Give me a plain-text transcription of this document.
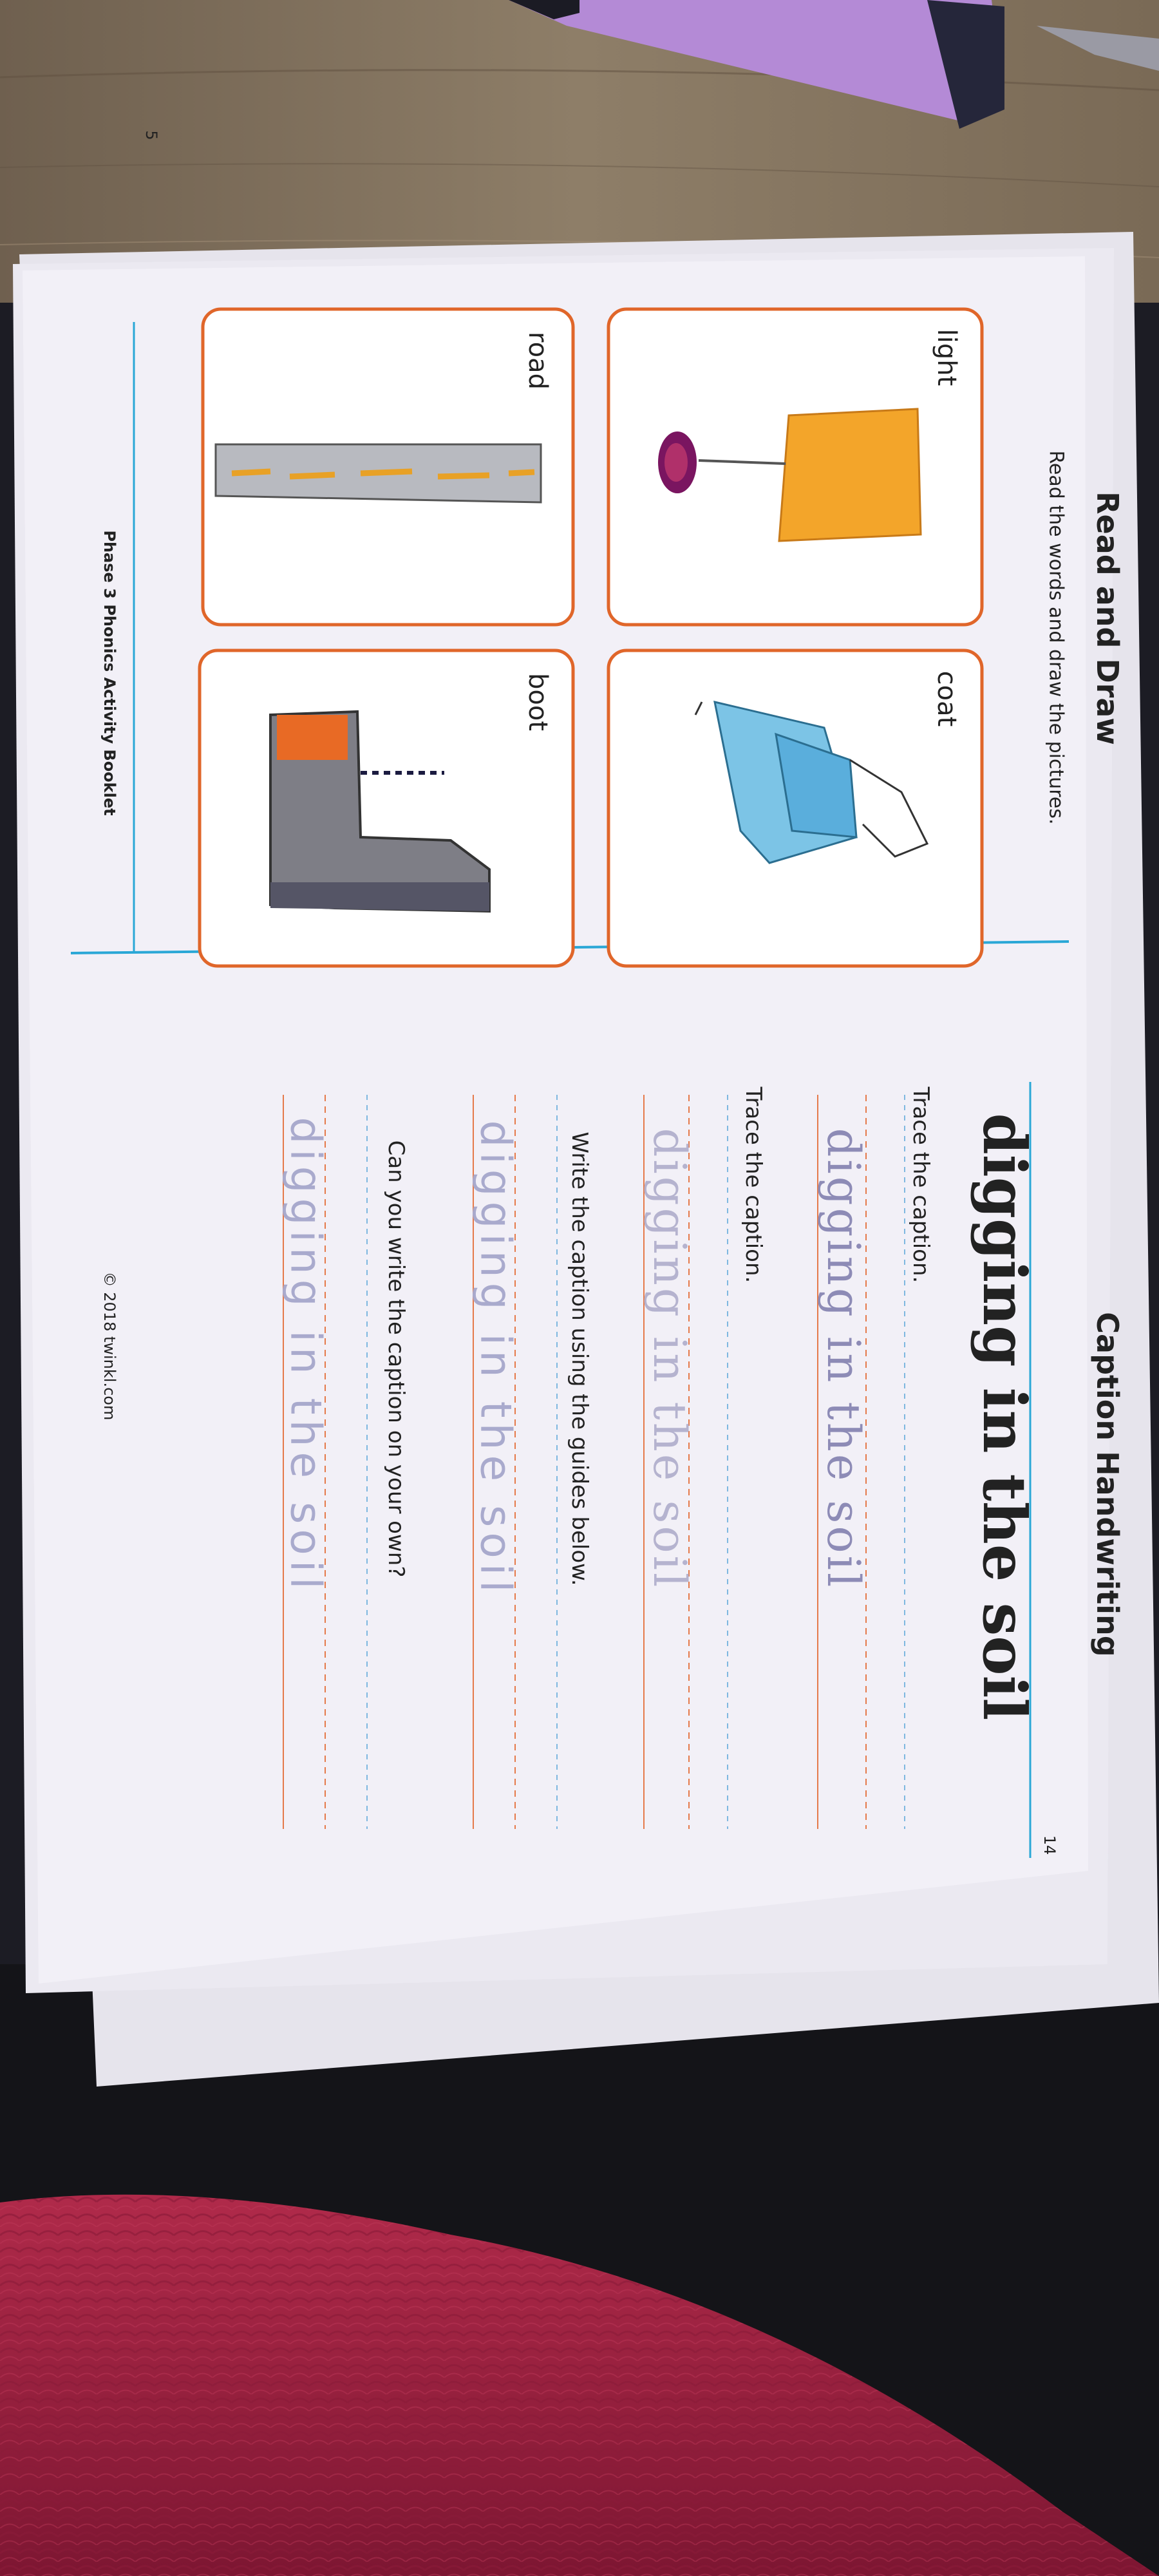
Read and Draw
Read the words and draw the pictures.
light
coat
road
boot
5
Phase 3 Phonics Activity Booklet
Caption Handwriting
digging in the soil
Trace the caption.
digging in the soil
Trace the caption.
digging in the soil
Write the caption using the guides below.
digging in the soil
Can you write the caption on your own?
digging in the soil
© 2018 twinkl.com
14
